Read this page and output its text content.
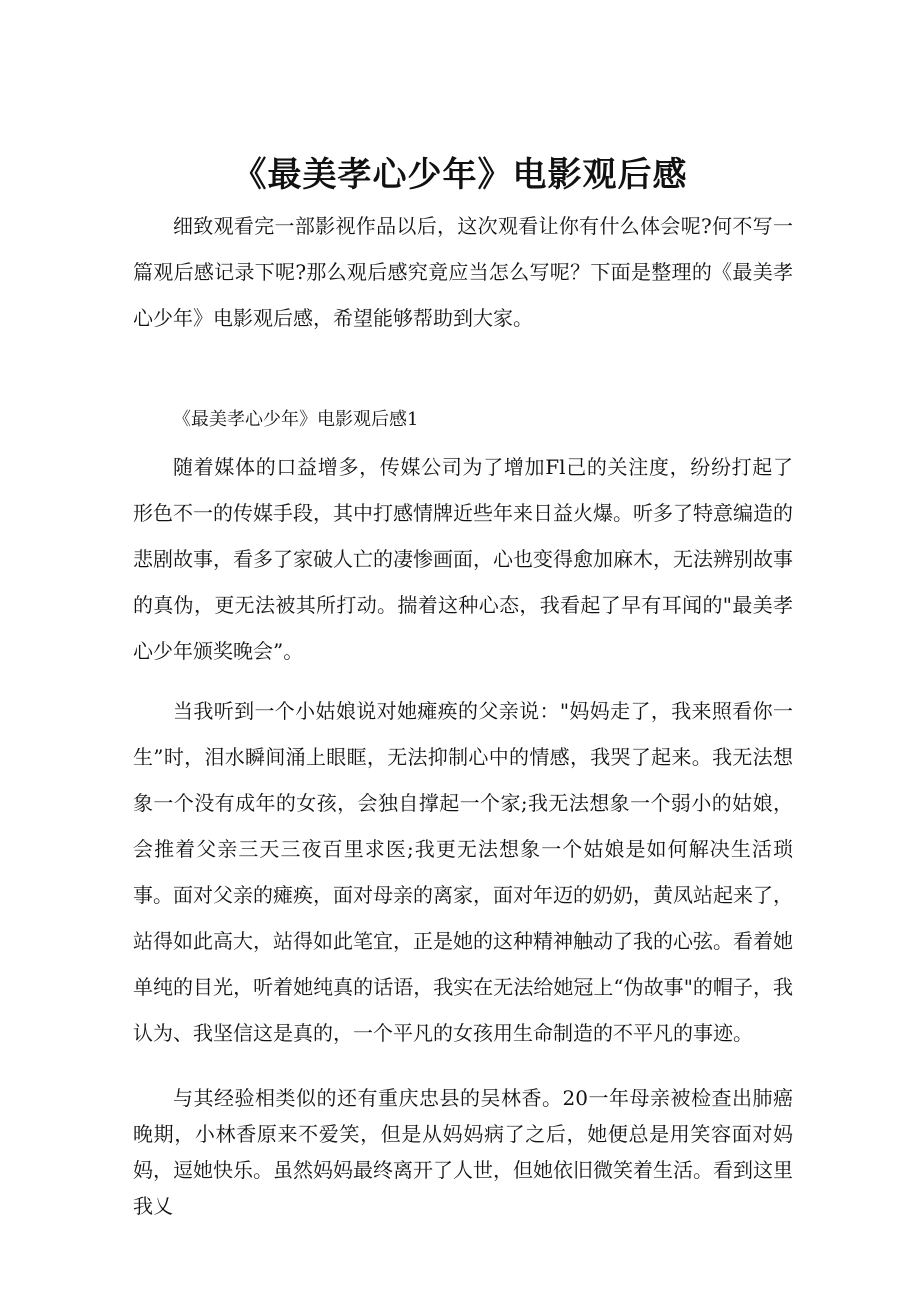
《最美孝心少年》电影观后感

细致观看完一部影视作品以后，这次观看让你有什么体会呢?何不写一篇观后感记录下呢?那么观后感究竟应当怎么写呢？下面是整理的《最美孝心少年》电影观后感，希望能够帮助到大家。

《最美孝心少年》电影观后感1

随着媒体的口益增多，传媒公司为了增加Fl己的关注度，纷纷打起了形色不一的传媒手段，其中打感情牌近些年来日益火爆。听多了特意编造的悲剧故事，看多了家破人亡的凄惨画面，心也变得愈加麻木，无法辨别故事的真伪，更无法被其所打动。揣着这种心态，我看起了早有耳闻的"最美孝心少年颁奖晚会”。

当我听到一个小姑娘说对她瘫痪的父亲说："妈妈走了，我来照看你一生”时，泪水瞬间涌上眼眶，无法抑制心中的情感，我哭了起来。我无法想象一个没有成年的女孩，会独自撑起一个家;我无法想象一个弱小的姑娘，会推着父亲三天三夜百里求医;我更无法想象一个姑娘是如何解决生活琐事。面对父亲的瘫痪，面对母亲的离家，面对年迈的奶奶，黄凤站起来了，站得如此高大，站得如此笔宜，正是她的这种精神触动了我的心弦。看着她单纯的目光，听着她纯真的话语，我实在无法给她冠上“伪故事"的帽子，我认为、我坚信这是真的，一个平凡的女孩用生命制造的不平凡的事迹。

与其经验相类似的还有重庆忠县的吴林香。20一年母亲被检查出肺癌晚期，小林香原来不爱笑，但是从妈妈病了之后，她便总是用笑容面对妈妈，逗她快乐。虽然妈妈最终离开了人世，但她依旧微笑着生活。看到这里我乂
